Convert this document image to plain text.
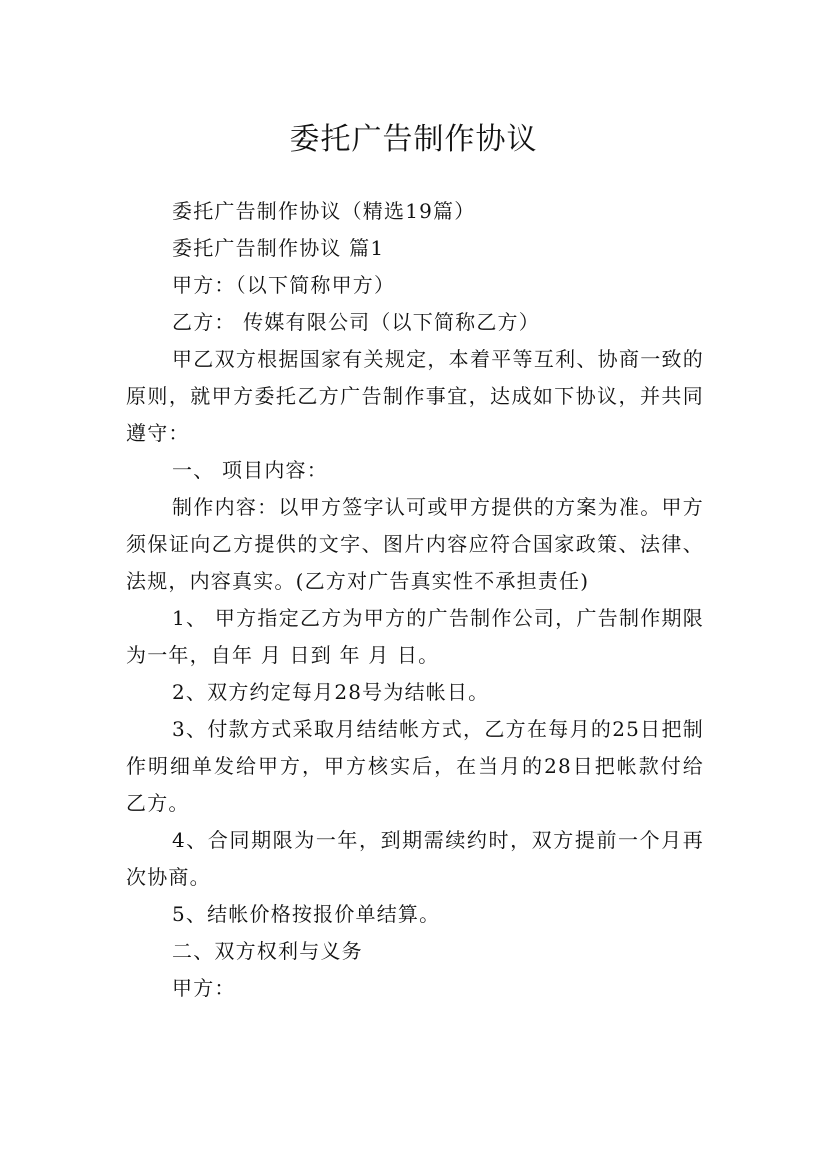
委托广告制作协议

委托广告制作协议（精选19篇）

委托广告制作协议 篇1

甲方：（以下简称甲方）

乙方： 传媒有限公司（以下简称乙方）

甲乙双方根据国家有关规定，本着平等互利、协商一致的原则，就甲方委托乙方广告制作事宜，达成如下协议，并共同遵守：

一、 项目内容：

制作内容：以甲方签字认可或甲方提供的方案为准。甲方须保证向乙方提供的文字、图片内容应符合国家政策、法律、法规，内容真实。(乙方对广告真实性不承担责任)

1、 甲方指定乙方为甲方的广告制作公司，广告制作期限为一年，自年 月 日到 年 月 日。

2、双方约定每月28号为结帐日。

3、付款方式采取月结结帐方式，乙方在每月的25日把制作明细单发给甲方，甲方核实后，在当月的28日把帐款付给乙方。

4、合同期限为一年，到期需续约时，双方提前一个月再次协商。

5、结帐价格按报价单结算。

二、双方权利与义务

甲方：
